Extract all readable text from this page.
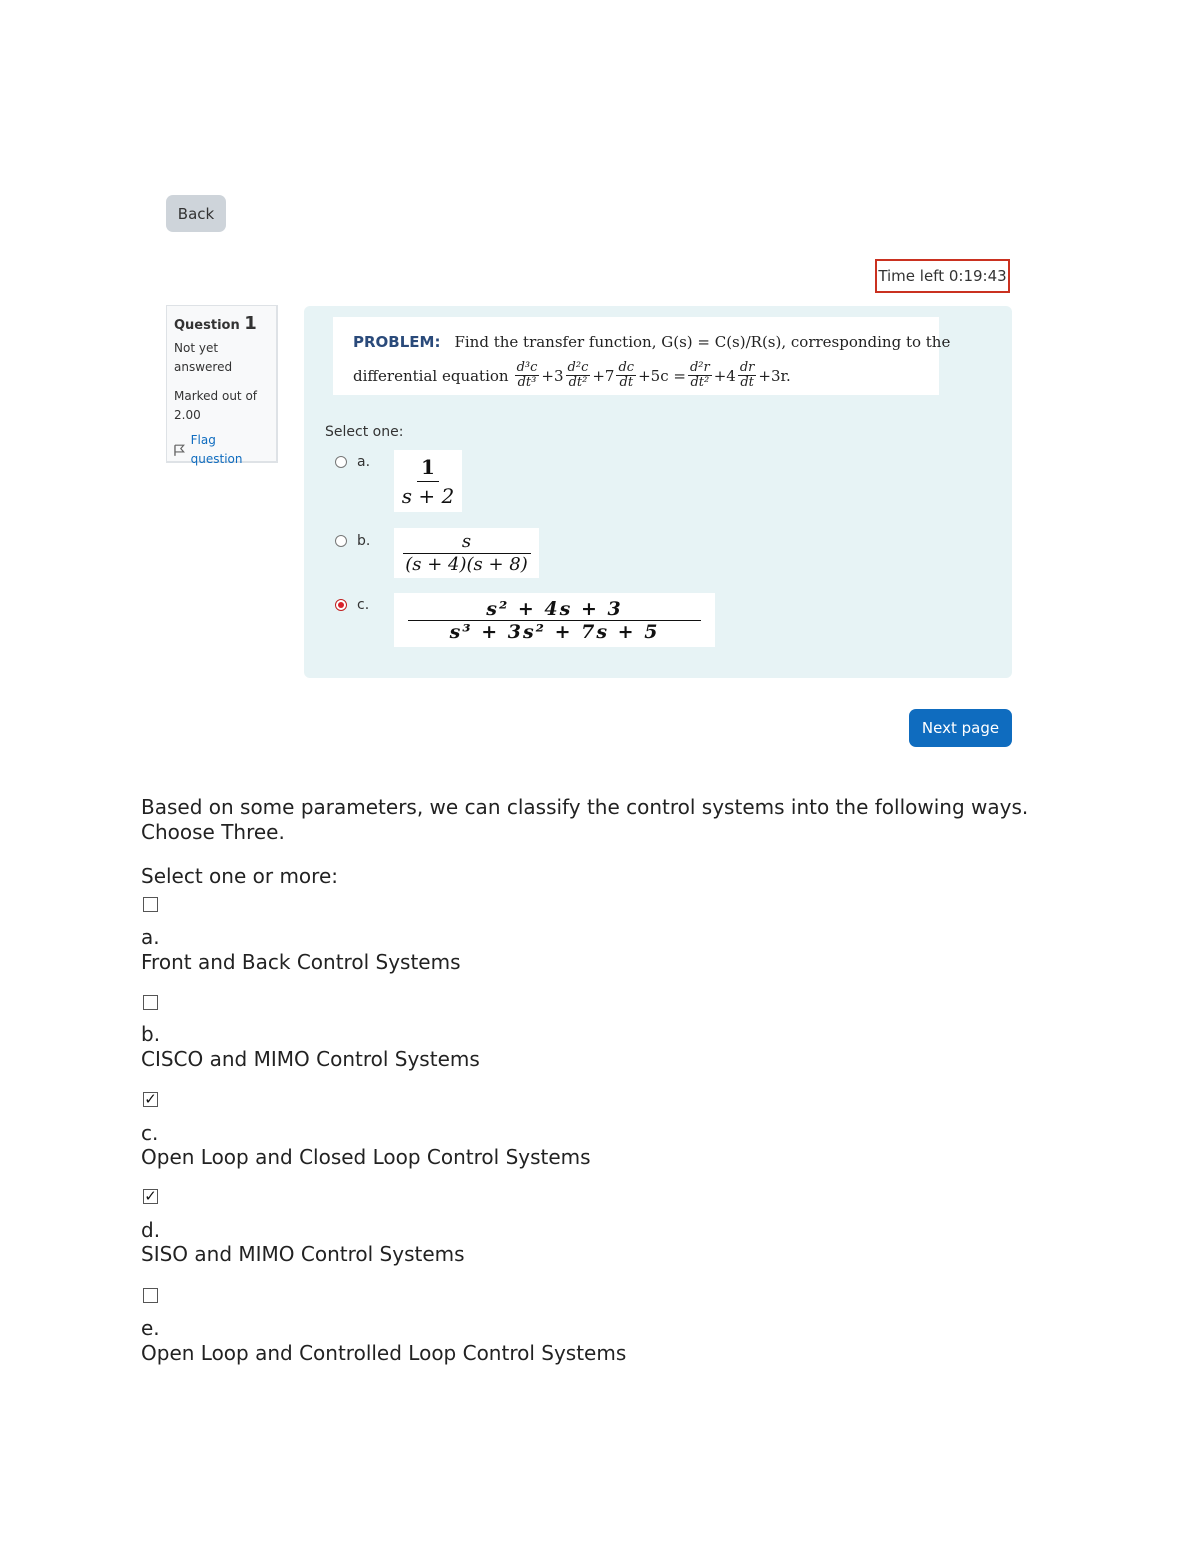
Back
Time left 0:19:43
Question 1
Not yet answered
Marked out of 2.00
Flag question
PROBLEM: Find the transfer function, G(s) = C(s)/R(s), corresponding to the
differential equation $\frac{\text{d³c}}{\text{dt³}} +3 \frac{\text{d²c}}{\text{dt²}} +7 \frac{dc}{dt} +5c = \frac{\text{d²r}}{\text{dt²}} +4 \frac{dr}{dt} +3r$.
Select one:
a. $\frac{1}{s + 2}$
b. $\frac{s}{(s + 4)(s + 8)}$
c. $\frac{\text{s² + 4s + 3}}{\text{s³ + 3s² + 7s + 5}}$
Next page
Based on some parameters, we can classify the control systems into the following ways. Choose Three.
Select one or more:
a.
Front and Back Control Systems
b.
CISCO and MIMO Control Systems
✓
c.
Open Loop and Closed Loop Control Systems
✓
d.
SISO and MIMO Control Systems
e.
Open Loop and Controlled Loop Control Systems
